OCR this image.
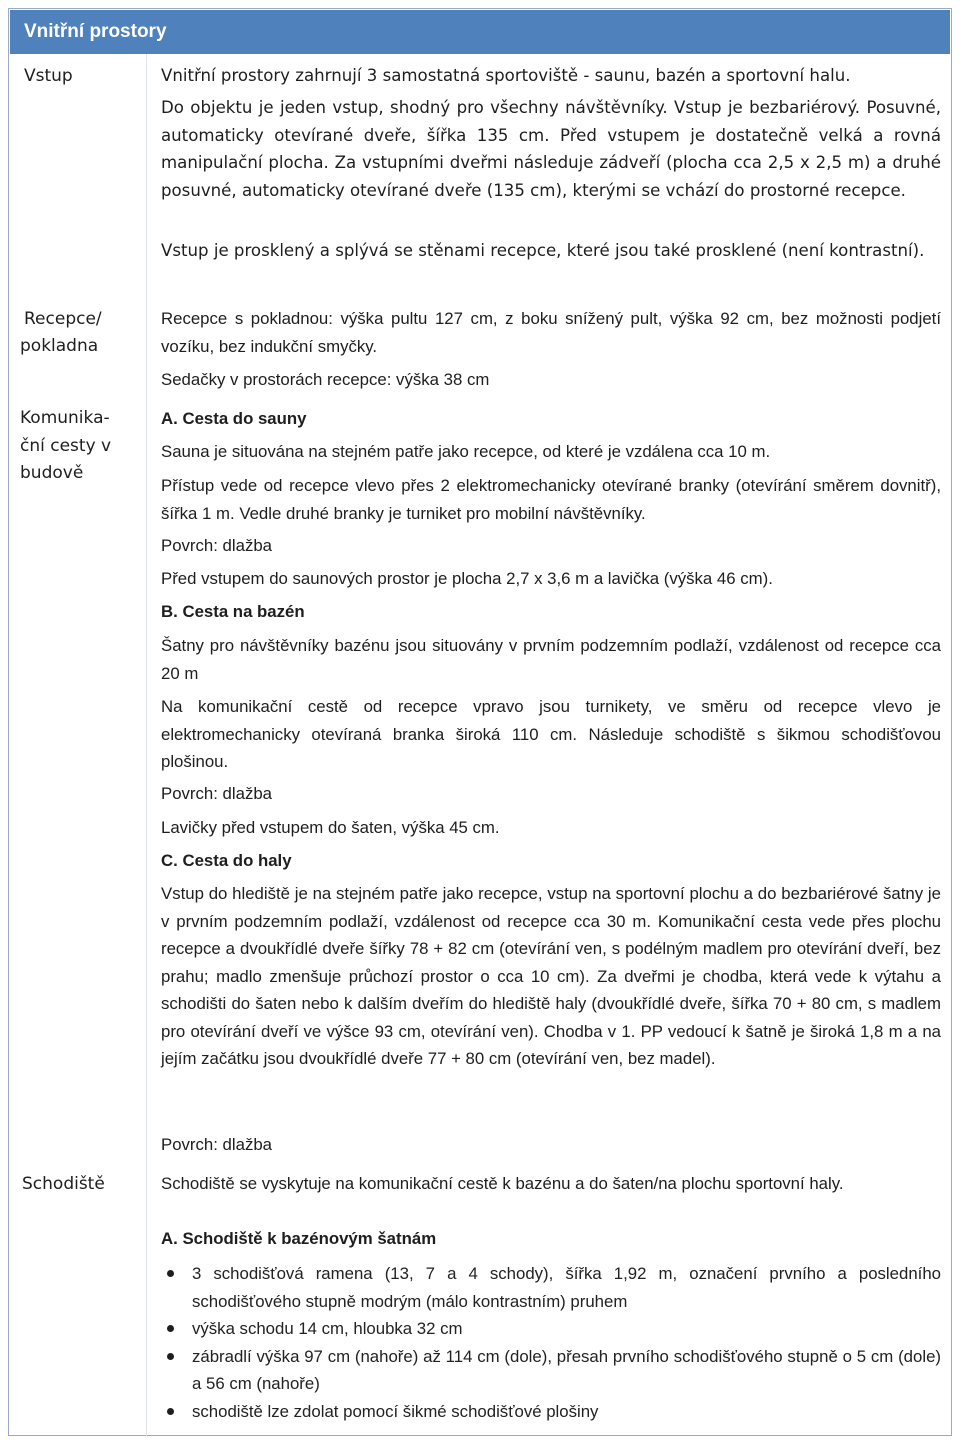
Vnitřní prostory
Vstup
Recepce/
pokladna
Komunika-
ční cesty v
budově
Schodiště
Vnitřní prostory zahrnují 3 samostatná sportoviště - saunu, bazén a sportovní halu.
Do objektu je jeden vstup, shodný pro všechny návštěvníky. Vstup je bezbariérový. Posuvné, automaticky otevírané dveře, šířka 135 cm. Před vstupem je dostatečně velká a rovná manipulační plocha. Za vstupními dveřmi následuje zádveří (plocha cca 2,5 x 2,5 m) a druhé posuvné, automaticky otevírané dveře (135 cm), kterými se vchází do prostorné recepce.
Vstup je prosklený a splývá se stěnami recepce, které jsou také prosklené (není kontrastní).
Recepce s pokladnou: výška pultu 127 cm, z boku snížený pult, výška 92 cm, bez možnosti podjetí vozíku, bez indukční smyčky.
Sedačky v prostorách recepce: výška 38 cm
A. Cesta do sauny
Sauna je situována na stejném patře jako recepce, od které je vzdálena cca 10 m.
Přístup vede od recepce vlevo přes 2 elektromechanicky otevírané branky (otevírání směrem dovnitř), šířka 1 m. Vedle druhé branky je turniket pro mobilní návštěvníky.
Povrch: dlažba
Před vstupem do saunových prostor je plocha 2,7 x 3,6 m a lavička (výška 46 cm).
B. Cesta na bazén
Šatny pro návštěvníky bazénu jsou situovány v prvním podzemním podlaží, vzdálenost od recepce cca 20 m
Na komunikační cestě od recepce vpravo jsou turnikety, ve směru od recepce vlevo je elektromechanicky otevíraná branka široká 110 cm. Následuje schodiště s šikmou schodišťovou plošinou.
Povrch: dlažba
Lavičky před vstupem do šaten, výška 45 cm.
C. Cesta do haly
Vstup do hlediště je na stejném patře jako recepce, vstup na sportovní plochu a do bezbariérové šatny je v prvním podzemním podlaží, vzdálenost od recepce cca 30 m. Komunikační cesta vede přes plochu recepce a dvoukřídlé dveře šířky 78 + 82 cm (otevírání ven, s podélným madlem pro otevírání dveří, bez prahu; madlo zmenšuje průchozí prostor o cca 10 cm). Za dveřmi je chodba, která vede k výtahu a schodišti do šaten nebo k dalším dveřím do hlediště haly (dvoukřídlé dveře, šířka 70 + 80 cm, s madlem pro otevírání dveří ve výšce 93 cm, otevírání ven). Chodba v 1. PP vedoucí k šatně je široká 1,8 m a na jejím začátku jsou dvoukřídlé dveře 77 + 80 cm (otevírání ven, bez madel).
Povrch: dlažba
Schodiště se vyskytuje na komunikační cestě k bazénu a do šaten/na plochu sportovní haly.
A. Schodiště k bazénovým šatnám
3 schodišťová ramena (13, 7 a 4 schody), šířka 1,92 m, označení prvního a posledního schodišťového stupně modrým (málo kontrastním) pruhem
výška schodu 14 cm, hloubka 32 cm
zábradlí výška 97 cm (nahoře) až 114 cm (dole), přesah prvního schodišťového stupně o 5 cm (dole) a 56 cm (nahoře)
schodiště lze zdolat pomocí šikmé schodišťové plošiny
